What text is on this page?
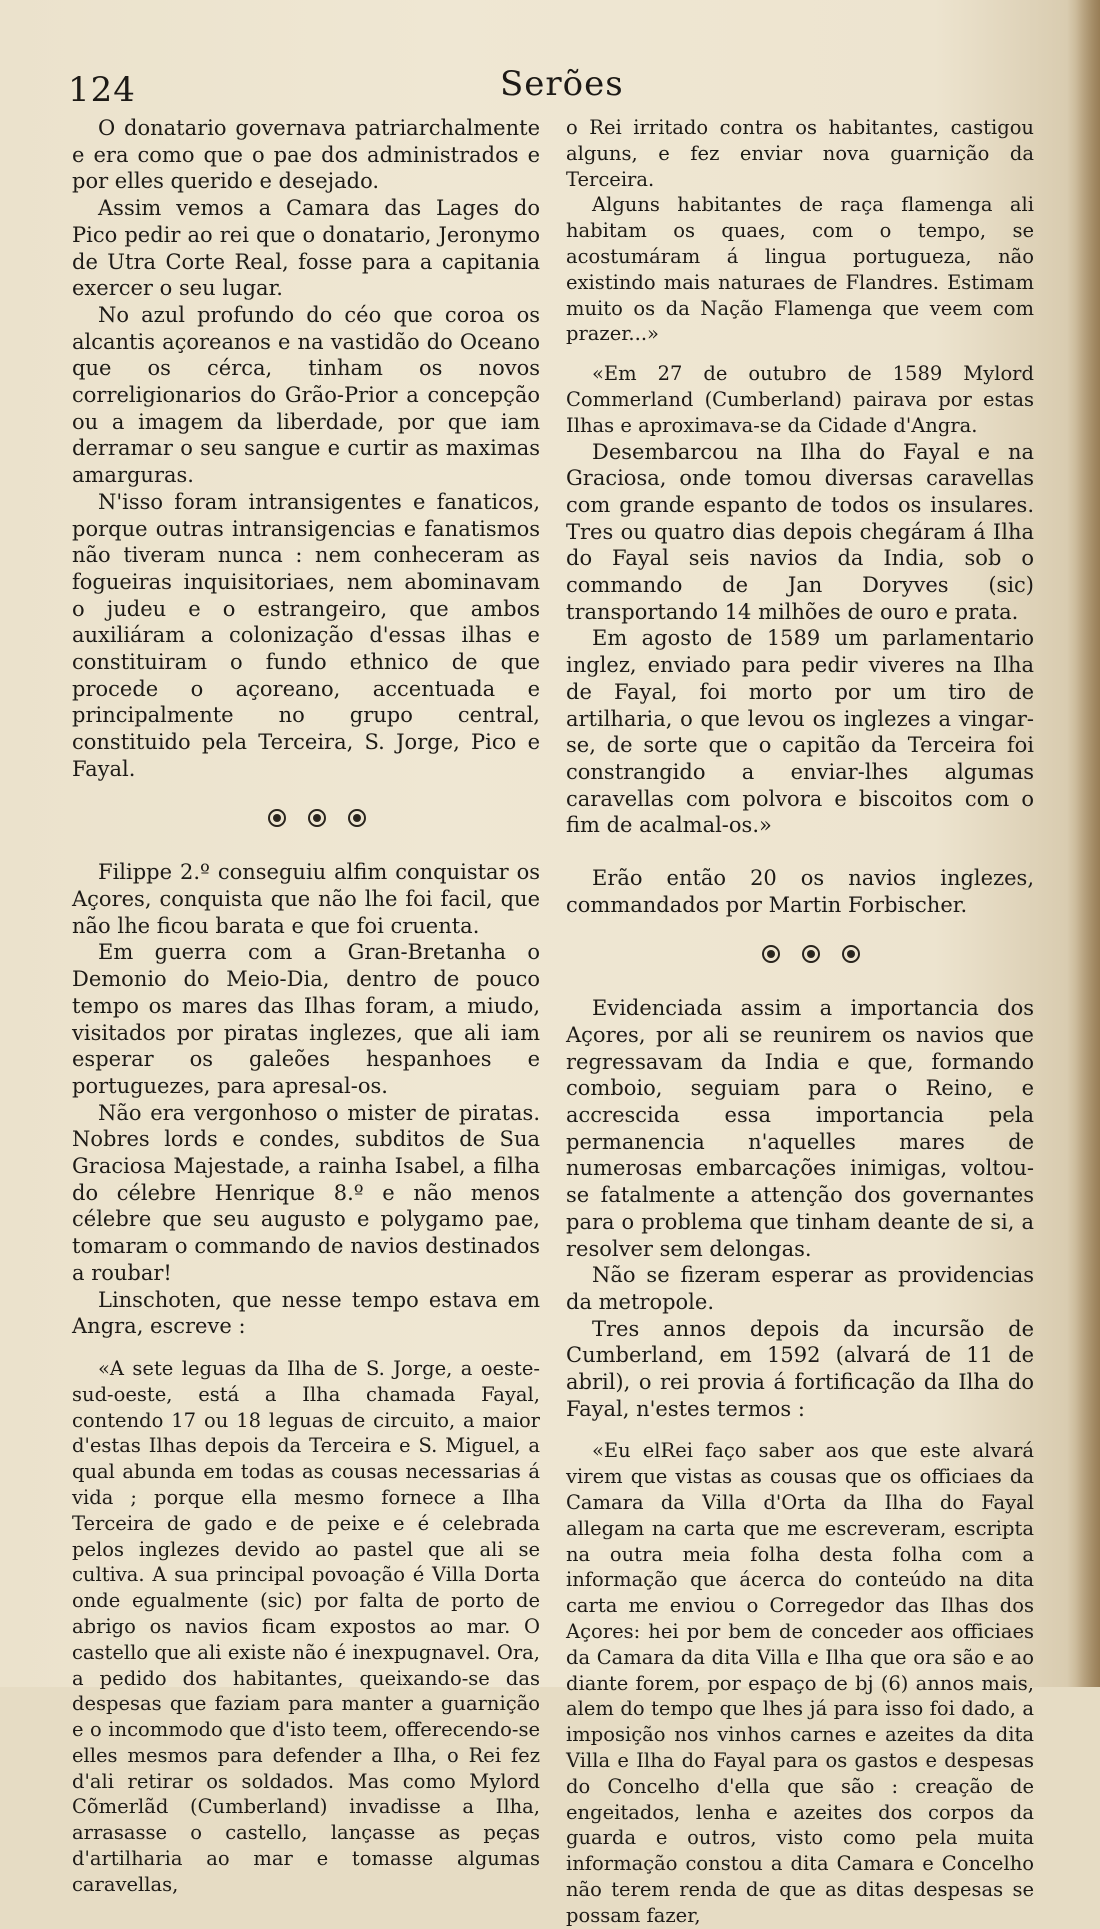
124	Serões

O donatario governava patriarchalmente e era como que o pae dos administrados e por elles querido e desejado.

Assim vemos a Camara das Lages do Pico pedir ao rei que o donatario, Jeronymo de Utra Corte Real, fosse para a capitania exercer o seu lugar.

No azul profundo do céo que coroa os alcantis açoreanos e na vastidão do Oceano que os cérca, tinham os novos correligionarios do Grão-Prior a concepção ou a imagem da liberdade, por que iam derramar o seu sangue e curtir as maximas amarguras.

N'isso foram intransigentes e fanaticos, porque outras intransigencias e fanatismos não tiveram nunca : nem conheceram as fogueiras inquisitoriaes, nem abominavam o judeu e o estrangeiro, que ambos auxiliáram a colonização d'essas ilhas e constituiram o fundo ethnico de que procede o açoreano, accentuada e principalmente no grupo central, constituido pela Terceira, S. Jorge, Pico e Fayal.

Filippe 2.º conseguiu alfim conquistar os Açores, conquista que não lhe foi facil, que não lhe ficou barata e que foi cruenta.

Em guerra com a Gran-Bretanha o Demonio do Meio-Dia, dentro de pouco tempo os mares das Ilhas foram, a miudo, visitados por piratas inglezes, que ali iam esperar os galeões hespanhoes e portuguezes, para apresal-os.

Não era vergonhoso o mister de piratas. Nobres lords e condes, subditos de Sua Graciosa Majestade, a rainha Isabel, a filha do célebre Henrique 8.º e não menos célebre que seu augusto e polygamo pae, tomaram o commando de navios destinados a roubar!

Linschoten, que nesse tempo estava em Angra, escreve :

«A sete leguas da Ilha de S. Jorge, a oeste-sud-oeste, está a Ilha chamada Fayal, contendo 17 ou 18 leguas de circuito, a maior d'estas Ilhas depois da Terceira e S. Miguel, a qual abunda em todas as cousas necessarias á vida ; porque ella mesmo fornece a Ilha Terceira de gado e de peixe e é celebrada pelos inglezes devido ao pastel que ali se cultiva. A sua principal povoação é Villa Dorta onde egualmente (sic) por falta de porto de abrigo os navios ficam expostos ao mar. O castello que ali existe não é inexpugnavel. Ora, a pedido dos habitantes, queixando-se das despesas que faziam para manter a guarnição e o incommodo que d'isto teem, offerecendo-se elles mesmos para defender a Ilha, o Rei fez d'ali retirar os soldados. Mas como Mylord Cõmerlãd (Cumberland) invadisse a Ilha, arrasasse o castello, lançasse as peças d'artilharia ao mar e tomasse algumas caravellas,

o Rei irritado contra os habitantes, castigou alguns, e fez enviar nova guarnição da Terceira.

Alguns habitantes de raça flamenga ali habitam os quaes, com o tempo, se acostumáram á lingua portugueza, não existindo mais naturaes de Flandres. Estimam muito os da Nação Flamenga que veem com prazer...»

«Em 27 de outubro de 1589 Mylord Commerland (Cumberland) pairava por estas Ilhas e aproximava-se da Cidade d'Angra.

Desembarcou na Ilha do Fayal e na Graciosa, onde tomou diversas caravellas com grande espanto de todos os insulares. Tres ou quatro dias depois chegáram á Ilha do Fayal seis navios da India, sob o commando de Jan Doryves (sic) transportando 14 milhões de ouro e prata.

Em agosto de 1589 um parlamentario inglez, enviado para pedir viveres na Ilha de Fayal, foi morto por um tiro de artilharia, o que levou os inglezes a vingar-se, de sorte que o capitão da Terceira foi constrangido a enviar-lhes algumas caravellas com polvora e biscoitos com o fim de acalmal-os.»

Erão então 20 os navios inglezes, commandados por Martin Forbischer.

Evidenciada assim a importancia dos Açores, por ali se reunirem os navios que regressavam da India e que, formando comboio, seguiam para o Reino, e accrescida essa importancia pela permanencia n'aquelles mares de numerosas embarcações inimigas, voltou-se fatalmente a attenção dos governantes para o problema que tinham deante de si, a resolver sem delongas.

Não se fizeram esperar as providencias da metropole.

Tres annos depois da incursão de Cumberland, em 1592 (alvará de 11 de abril), o rei provia á fortificação da Ilha do Fayal, n'estes termos :

«Eu elRei faço saber aos que este alvará virem que vistas as cousas que os officiaes da Camara da Villa d'Orta da Ilha do Fayal allegam na carta que me escreveram, escripta na outra meia folha desta folha com a informação que ácerca do conteúdo na dita carta me enviou o Corregedor das Ilhas dos Açores: hei por bem de conceder aos officiaes da Camara da dita Villa e Ilha que ora são e ao diante forem, por espaço de bj (6) annos mais, alem do tempo que lhes já para isso foi dado, a imposição nos vinhos carnes e azeites da dita Villa e Ilha do Fayal para os gastos e despesas do Concelho d'ella que são : creação de engeitados, lenha e azeites dos corpos da guarda e outros, visto como pela muita informação constou a dita Camara e Concelho não terem renda de que as ditas despesas se possam fazer,
